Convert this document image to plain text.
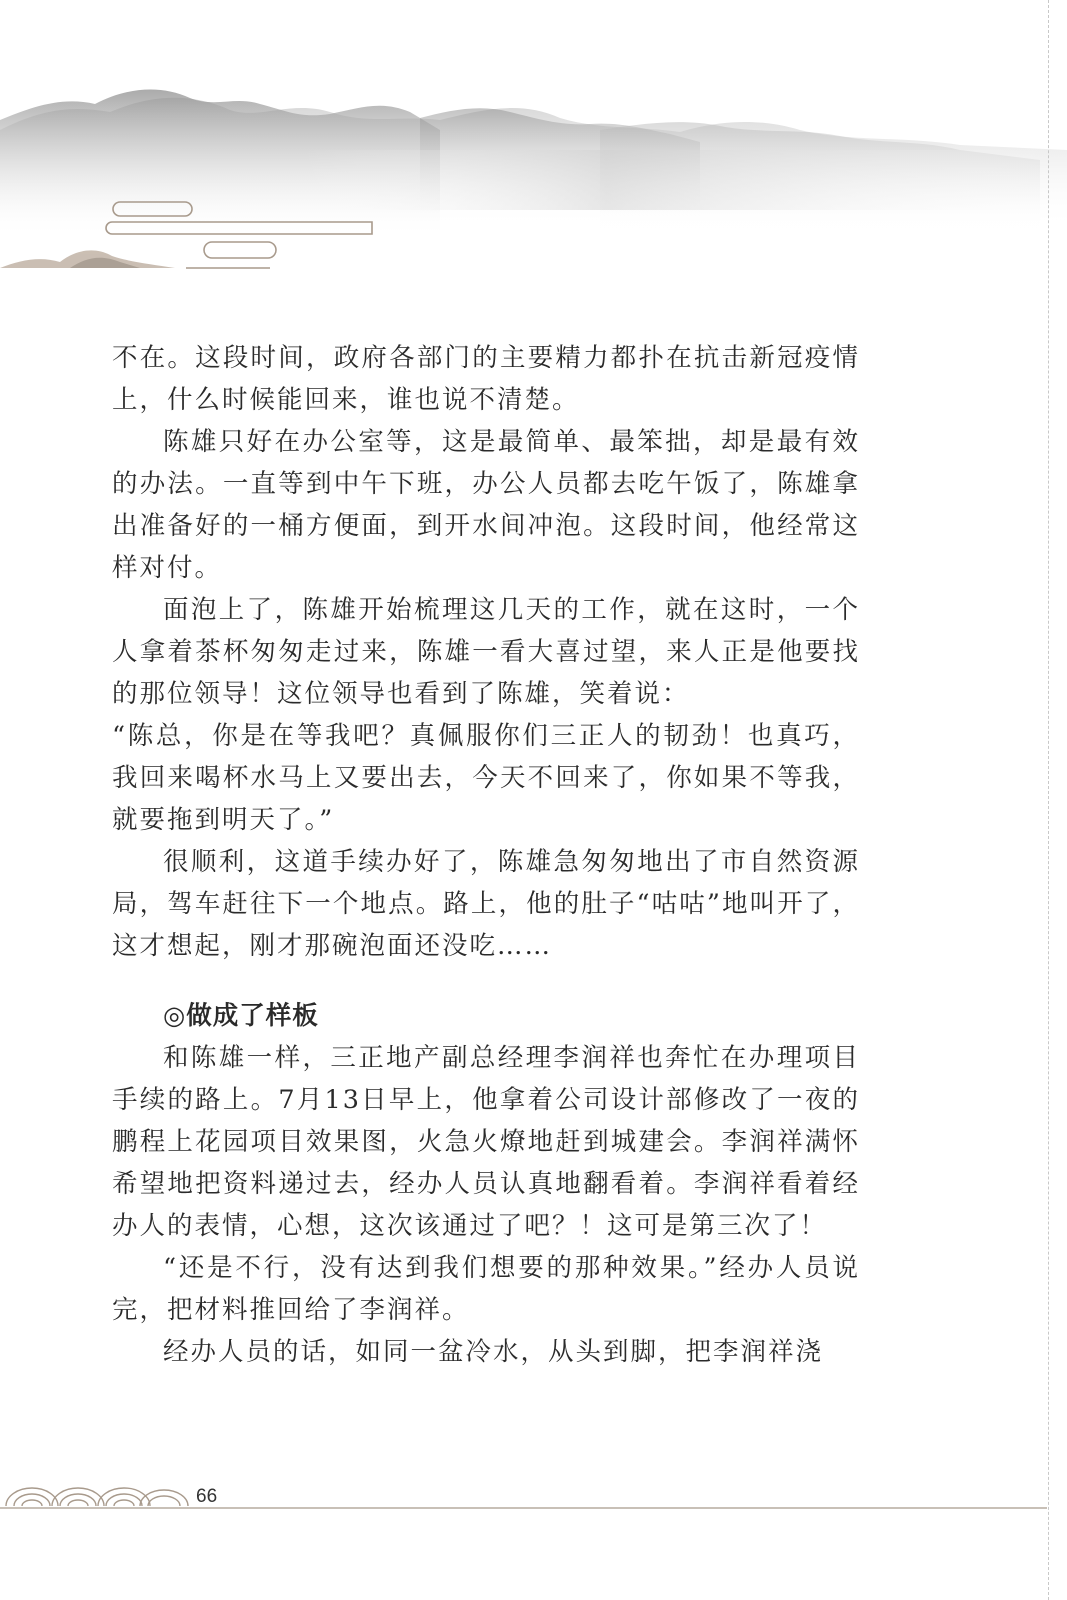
不在。这段时间，政府各部门的主要精力都扑在抗击新冠疫情上，什么时候能回来，谁也说不清楚。

陈雄只好在办公室等，这是最简单、最笨拙，却是最有效的办法。一直等到中午下班，办公人员都去吃午饭了，陈雄拿出准备好的一桶方便面，到开水间冲泡。这段时间，他经常这样对付。

面泡上了，陈雄开始梳理这几天的工作，就在这时，一个人拿着茶杯匆匆走过来，陈雄一看大喜过望，来人正是他要找的那位领导！这位领导也看到了陈雄，笑着说：

“陈总，你是在等我吧？真佩服你们三正人的韧劲！也真巧，我回来喝杯水马上又要出去，今天不回来了，你如果不等我，就要拖到明天了。”

很顺利，这道手续办好了，陈雄急匆匆地出了市自然资源局，驾车赶往下一个地点。路上，他的肚子“咕咕”地叫开了，这才想起，刚才那碗泡面还没吃……

◎做成了样板

和陈雄一样，三正地产副总经理李润祥也奔忙在办理项目手续的路上。7月13日早上，他拿着公司设计部修改了一夜的鹏程上花园项目效果图，火急火燎地赶到城建会。李润祥满怀希望地把资料递过去，经办人员认真地翻看着。李润祥看着经办人的表情，心想，这次该通过了吧？！这可是第三次了！

“还是不行，没有达到我们想要的那种效果。”经办人员说完，把材料推回给了李润祥。

经办人员的话，如同一盆冷水，从头到脚，把李润祥浇

66
